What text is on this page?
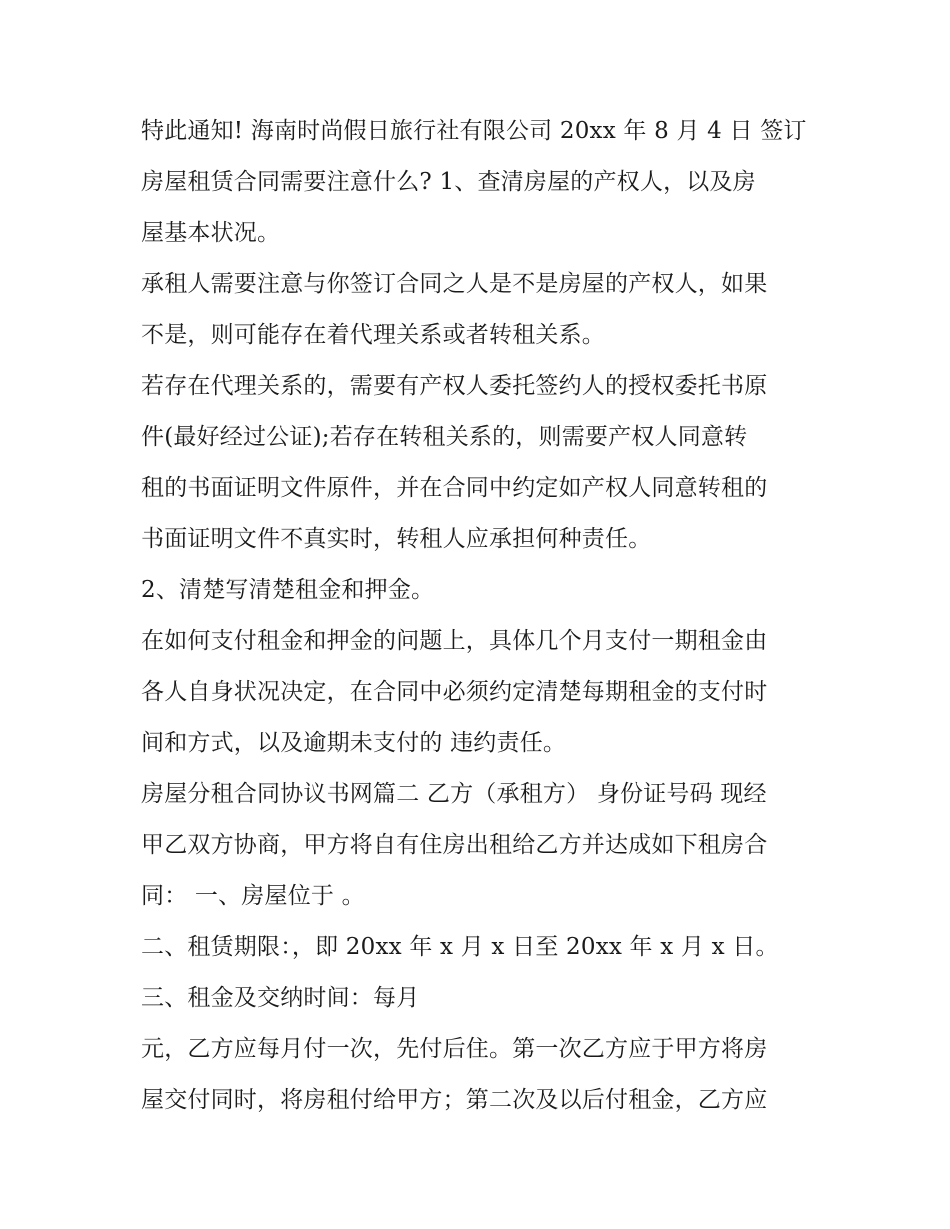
特此通知! 海南时尚假日旅行社有限公司 20xx 年 8 月 4 日 签订
房屋租赁合同需要注意什么? 1、查清房屋的产权人，以及房
屋基本状况。
承租人需要注意与你签订合同之人是不是房屋的产权人，如果
不是，则可能存在着代理关系或者转租关系。
若存在代理关系的，需要有产权人委托签约人的授权委托书原
件(最好经过公证);若存在转租关系的，则需要产权人同意转
租的书面证明文件原件，并在合同中约定如产权人同意转租的
书面证明文件不真实时，转租人应承担何种责任。
2、清楚写清楚租金和押金。
在如何支付租金和押金的问题上，具体几个月支付一期租金由
各人自身状况决定，在合同中必须约定清楚每期租金的支付时
间和方式，以及逾期未支付的 违约责任。
房屋分租合同协议书网篇二 乙方（承租方） 身份证号码 现经
甲乙双方协商，甲方将自有住房出租给乙方并达成如下租房合
同： 一、房屋位于 。
二、租赁期限：，即 20xx 年 x 月 x 日至 20xx 年 x 月 x 日。
三、租金及交纳时间：每月
元，乙方应每月付一次，先付后住。第一次乙方应于甲方将房
屋交付同时，将房租付给甲方；第二次及以后付租金，乙方应
